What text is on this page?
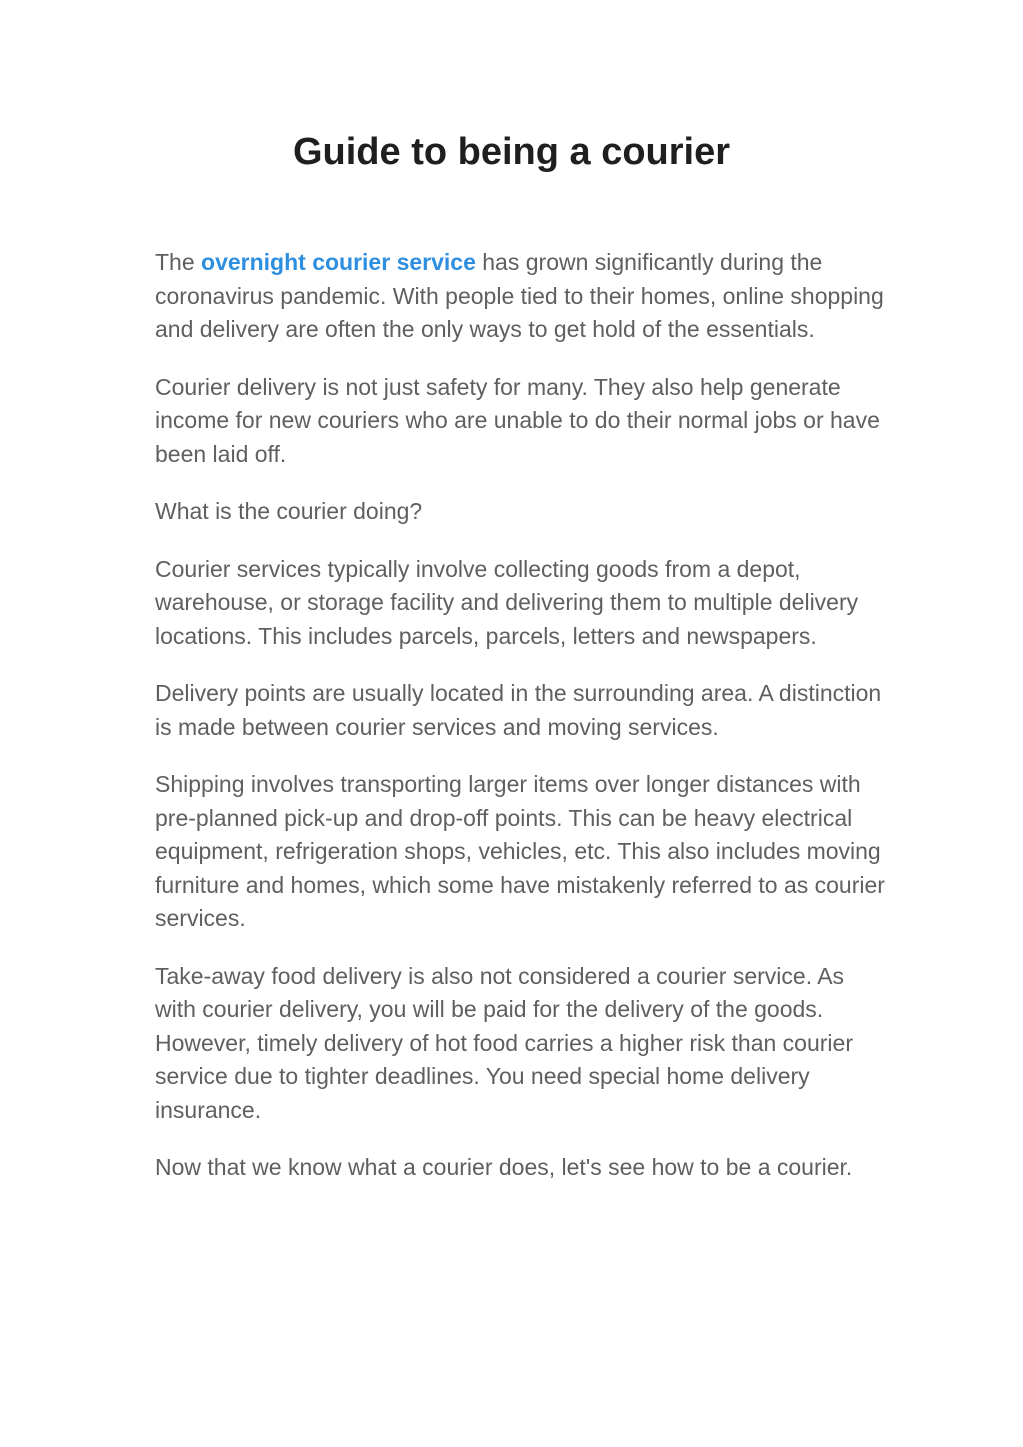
Guide to being a courier

The overnight courier service has grown significantly during the coronavirus pandemic. With people tied to their homes, online shopping and delivery are often the only ways to get hold of the essentials.

Courier delivery is not just safety for many. They also help generate income for new couriers who are unable to do their normal jobs or have been laid off.

What is the courier doing?

Courier services typically involve collecting goods from a depot, warehouse, or storage facility and delivering them to multiple delivery locations. This includes parcels, parcels, letters and newspapers.

Delivery points are usually located in the surrounding area. A distinction is made between courier services and moving services.

Shipping involves transporting larger items over longer distances with pre-planned pick-up and drop-off points. This can be heavy electrical equipment, refrigeration shops, vehicles, etc. This also includes moving furniture and homes, which some have mistakenly referred to as courier services.

Take-away food delivery is also not considered a courier service. As with courier delivery, you will be paid for the delivery of the goods. However, timely delivery of hot food carries a higher risk than courier service due to tighter deadlines. You need special home delivery insurance.

Now that we know what a courier does, let's see how to be a courier.
